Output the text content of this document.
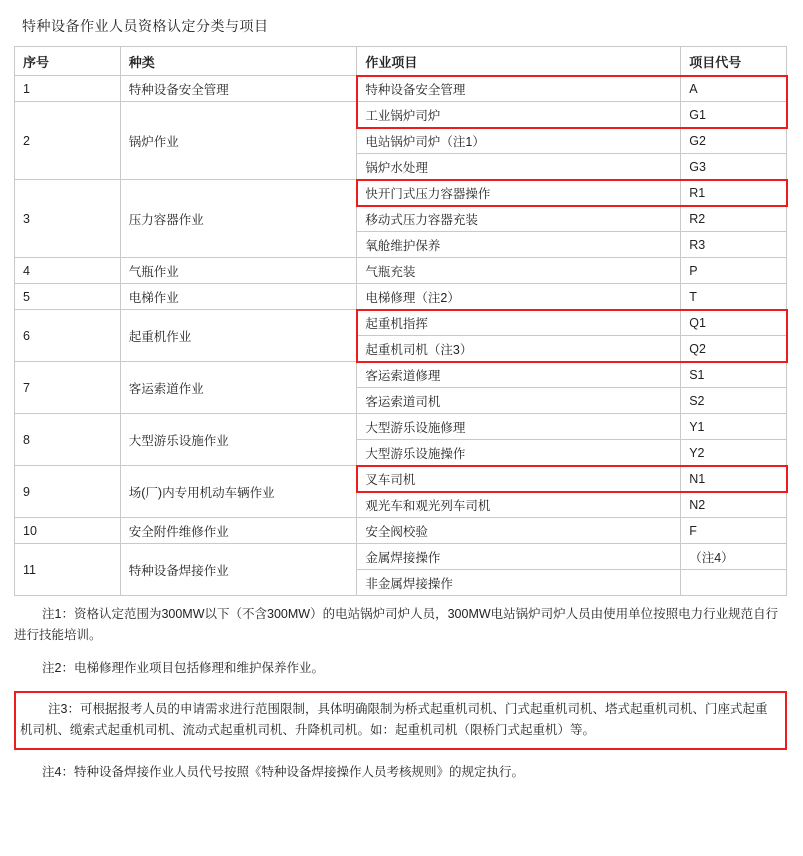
特种设备作业人员资格认定分类与项目
序号	种类	作业项目	项目代号
1	特种设备安全管理	特种设备安全管理	A
2	锅炉作业	工业锅炉司炉	G1
		电站锅炉司炉（注1）	G2
		锅炉水处理	G3
3	压力容器作业	快开门式压力容器操作	R1
		移动式压力容器充装	R2
		氧舱维护保养	R3
4	气瓶作业	气瓶充装	P
5	电梯作业	电梯修理（注2）	T
6	起重机作业	起重机指挥	Q1
		起重机司机（注3）	Q2
7	客运索道作业	客运索道修理	S1
		客运索道司机	S2
8	大型游乐设施作业	大型游乐设施修理	Y1
		大型游乐设施操作	Y2
9	场(厂)内专用机动车辆作业	叉车司机	N1
		观光车和观光列车司机	N2
10	安全附件维修作业	安全阀校验	F
11	特种设备焊接作业	金属焊接操作	（注4）
		非金属焊接操作	

注1：资格认定范围为300MW以下（不含300MW）的电站锅炉司炉人员，300MW电站锅炉司炉人员由使用单位按照电力行业规范自行进行技能培训。

注2：电梯修理作业项目包括修理和维护保养作业。

注3：可根据报考人员的申请需求进行范围限制，具体明确限制为桥式起重机司机、门式起重机司机、塔式起重机司机、门座式起重机司机、缆索式起重机司机、流动式起重机司机、升降机司机。如：起重机司机（限桥门式起重机）等。

注4：特种设备焊接作业人员代号按照《特种设备焊接操作人员考核规则》的规定执行。
